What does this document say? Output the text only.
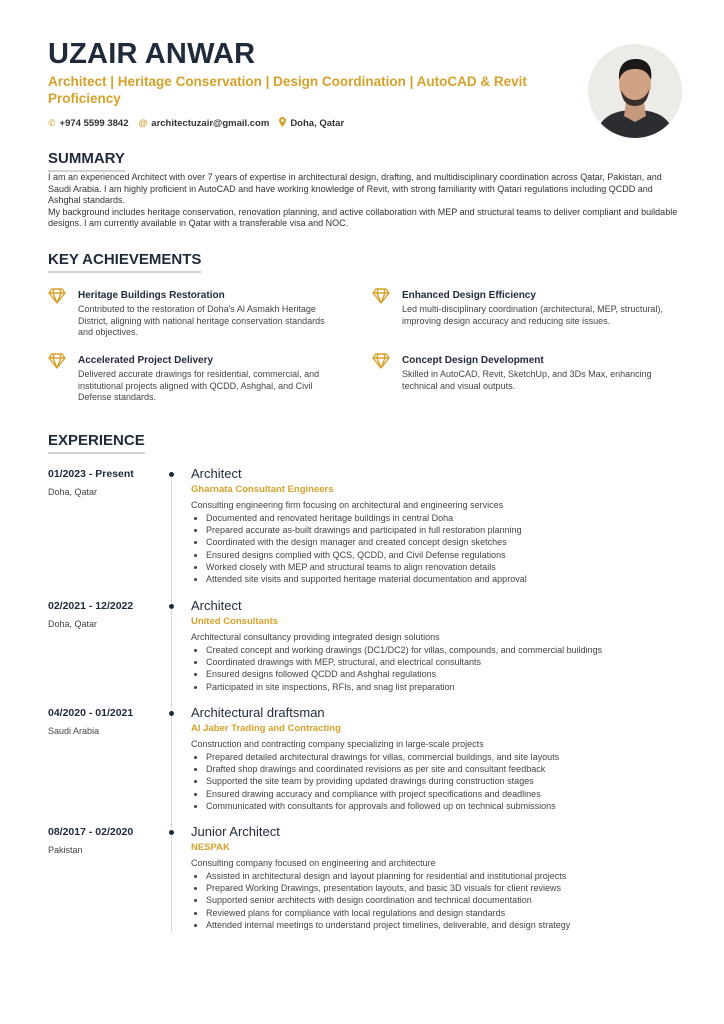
UZAIR ANWAR
Architect | Heritage Conservation | Design Coordination | AutoCAD & Revit Proficiency
✆ +974 5599 3842 @ architectuzair@gmail.com Doha, Qatar
SUMMARY

I am an experienced Architect with over 7 years of expertise in architectural design, drafting, and multidisciplinary coordination across Qatar, Pakistan, and Saudi Arabia. I am highly proficient in AutoCAD and have working knowledge of Revit, with strong familiarity with Qatari regulations including QCDD and Ashghal standards.

My background includes heritage conservation, renovation planning, and active collaboration with MEP and structural teams to deliver compliant and buildable designs. I am currently available in Qatar with a transferable visa and NOC.

KEY ACHIEVEMENTS
Heritage Buildings Restoration
Contributed to the restoration of Doha's Al Asmakh Heritage District, aligning with national heritage conservation standards and objectives.
Enhanced Design Efficiency
Led multi-disciplinary coordination (architectural, MEP, structural), improving design accuracy and reducing site issues.
Accelerated Project Delivery
Delivered accurate drawings for residential, commercial, and institutional projects aligned with QCDD, Ashghal, and Civil Defense standards.
Concept Design Development
Skilled in AutoCAD, Revit, SketchUp, and 3Ds Max, enhancing technical and visual outputs.
EXPERIENCE
01/2023 - Present
Doha, Qatar
Architect
Gharnata Consultant Engineers
Consulting engineering firm focusing on architectural and engineering services
• Documented and renovated heritage buildings in central Doha
• Prepared accurate as-built drawings and participated in full restoration planning
• Coordinated with the design manager and created concept design sketches
• Ensured designs complied with QCS, QCDD, and Civil Defense regulations
• Worked closely with MEP and structural teams to align renovation details
• Attended site visits and supported heritage material documentation and approval
02/2021 - 12/2022
Doha, Qatar
Architect
United Consultants
Architectural consultancy providing integrated design solutions
• Created concept and working drawings (DC1/DC2) for villas, compounds, and commercial buildings
• Coordinated drawings with MEP, structural, and electrical consultants
• Ensured designs followed QCDD and Ashghal regulations
• Participated in site inspections, RFIs, and snag list preparation
04/2020 - 01/2021
Saudi Arabia
Architectural draftsman
Al Jaber Trading and Contracting
Construction and contracting company specializing in large-scale projects
• Prepared detailed architectural drawings for villas, commercial buildings, and site layouts
• Drafted shop drawings and coordinated revisions as per site and consultant feedback
• Supported the site team by providing updated drawings during construction stages
• Ensured drawing accuracy and compliance with project specifications and deadlines
• Communicated with consultants for approvals and followed up on technical submissions
08/2017 - 02/2020
Pakistan
Junior Architect
NESPAK
Consulting company focused on engineering and architecture
• Assisted in architectural design and layout planning for residential and institutional projects
• Prepared Working Drawings, presentation layouts, and basic 3D visuals for client reviews
• Supported senior architects with design coordination and technical documentation
• Reviewed plans for compliance with local regulations and design standards
• Attended internal meetings to understand project timelines, deliverable, and design strategy
